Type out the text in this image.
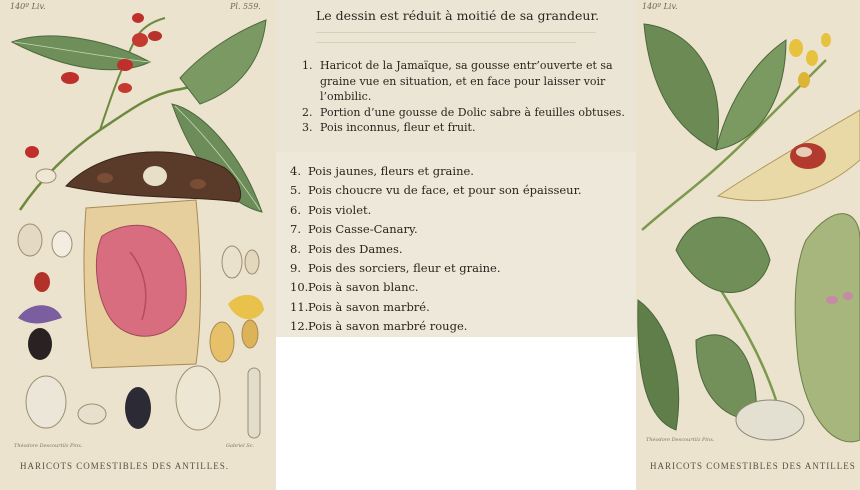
140º Liv.	Pl. 559.
Théodore Descourtilz Pinx.	Gabriel Sc.
HARICOTS COMESTIBLES DES ANTILLES.
Le dessin est réduit à moitié de sa grandeur.
1. Haricot de la Jamaïque, sa gousse entr’ouverte et sa graine vue en situation, et en face pour laisser voir l’ombilic.
2. Portion d’une gousse de Dolic sabre à feuilles obtuses.
3. Pois inconnus, fleur et fruit.
4. Pois jaunes, fleurs et graine.
5. Pois choucre vu de face, et pour son épaisseur.
6. Pois violet.
7. Pois Casse-Canary.
8. Pois des Dames.
9. Pois des sorciers, fleur et graine.
10. Pois à savon blanc.
11. Pois à savon marbré.
12. Pois à savon marbré rouge.
140º Liv.
Théodore Descourtilz Pinx.
HARICOTS COMESTIBLES DES ANTILLES
